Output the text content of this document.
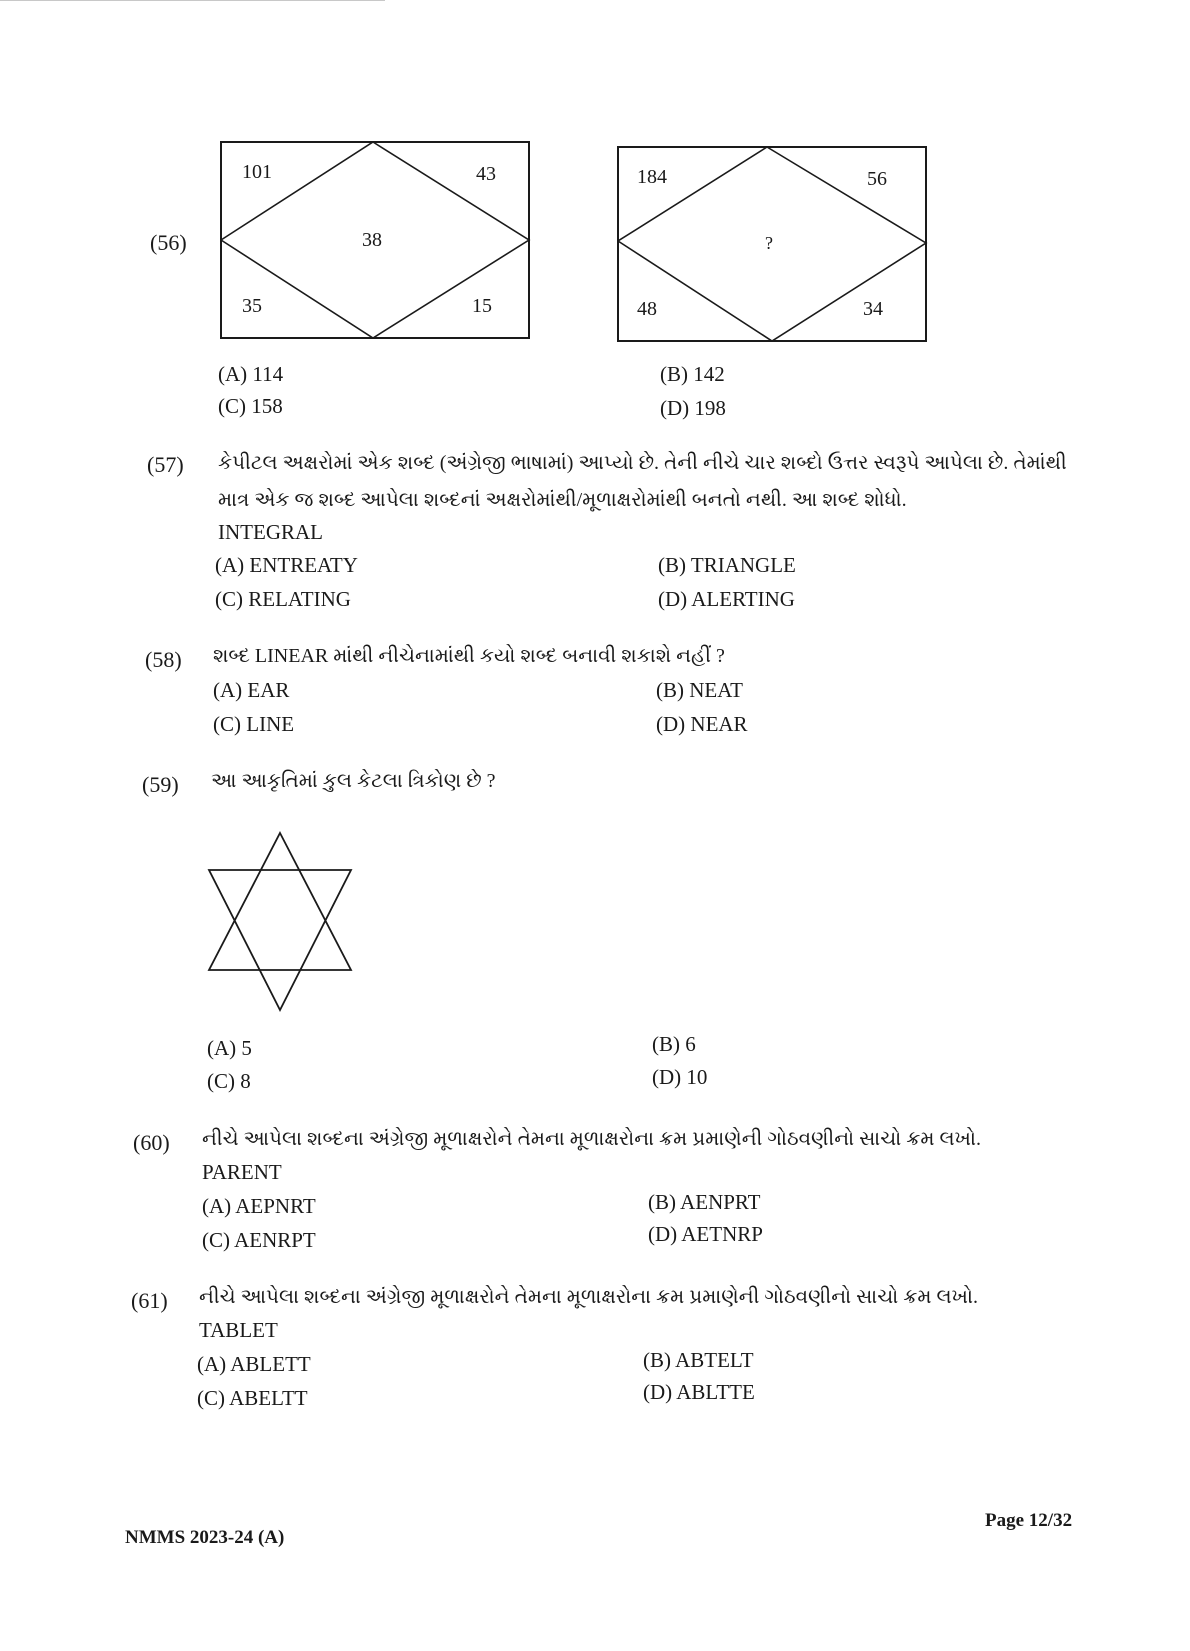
(56)
101	43
38
35	15
184	56
?
48	34
(A) 114	(B) 142
(C) 158	(D) 198
(57) કેપીટલ અક્ષરોમાં એક શબ્દ (અંગ્રેજી ભાષામાં) આપ્યો છે. તેની નીચે ચાર શબ્દો ઉત્તર સ્વરૂપે આપેલા છે. તેમાંથી
માત્ર એક જ શબ્દ આપેલા શબ્દનાં અક્ષરોમાંથી/મૂળાક્ષરોમાંથી બનતો નથી. આ શબ્દ શોધો.
INTEGRAL
(A) ENTREATY	(B) TRIANGLE
(C) RELATING	(D) ALERTING
(58) શબ્દ LINEAR માંથી નીચેનામાંથી કયો શબ્દ બનાવી શકાશે નહીં ?
(A) EAR	(B) NEAT
(C) LINE	(D) NEAR
(59) આ આકૃતિમાં કુલ કેટલા ત્રિકોણ છે ?
(A) 5	(B) 6
(C) 8	(D) 10
(60) નીચે આપેલા શબ્દના અંગ્રેજી મૂળાક્ષરોને તેમના મૂળાક્ષરોના ક્રમ પ્રમાણેની ગોઠવણીનો સાચો ક્રમ લખો.
PARENT
(A) AEPNRT	(B) AENPRT
(C) AENRPT	(D) AETNRP
(61) નીચે આપેલા શબ્દના અંગ્રેજી મૂળાક્ષરોને તેમના મૂળાક્ષરોના ક્રમ પ્રમાણેની ગોઠવણીનો સાચો ક્રમ લખો.
TABLET
(A) ABLETT	(B) ABTELT
(C) ABELTT	(D) ABLTTE
NMMS 2023-24 (A)
Page 12/32
